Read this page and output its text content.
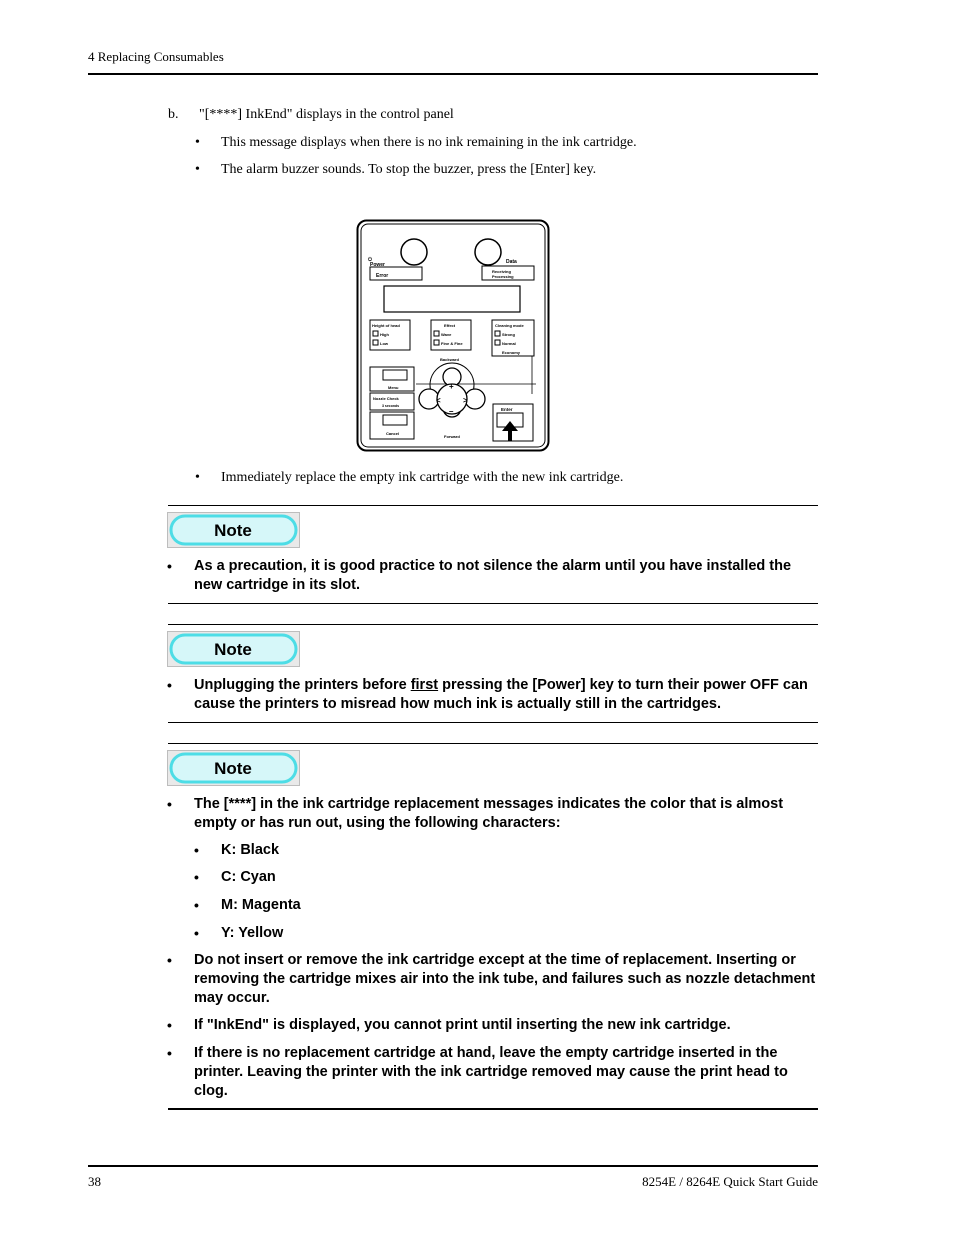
4 Replacing Consumables
b. "[****] InkEnd" displays in the control panel
• This message displays when there is no ink remaining in the ink cartridge.
• The alarm buzzer sounds. To stop the buzzer, press the [Enter] key.
⏻
Power
Error
Data
Receiving
Processing
Height of head
High
Low
Effect
Wave
Fine & Fine
Cleaning mode
Strong
Normal
Economy
Backward
+
–
<	>
Forward
Menu
Nozzle Check
3 seconds
Cancel
Enter
• Immediately replace the empty ink cartridge with the new ink cartridge.
Note
• As a precaution, it is good practice to not silence the alarm until you have installed the new cartridge in its slot.
Note
• Unplugging the printers before first pressing the [Power] key to turn their power OFF can cause the printers to misread how much ink is actually still in the cartridges.
Note
• The [****] in the ink cartridge replacement messages indicates the color that is almost empty or has run out, using the following characters:
• K: Black
• C: Cyan
• M: Magenta
• Y: Yellow
• Do not insert or remove the ink cartridge except at the time of replacement. Inserting or removing the cartridge mixes air into the ink tube, and failures such as nozzle detachment may occur.
• If "InkEnd" is displayed, you cannot print until inserting the new ink cartridge.
• If there is no replacement cartridge at hand, leave the empty cartridge inserted in the printer. Leaving the printer with the ink cartridge removed may cause the print head to clog.
38	8254E / 8264E Quick Start Guide
